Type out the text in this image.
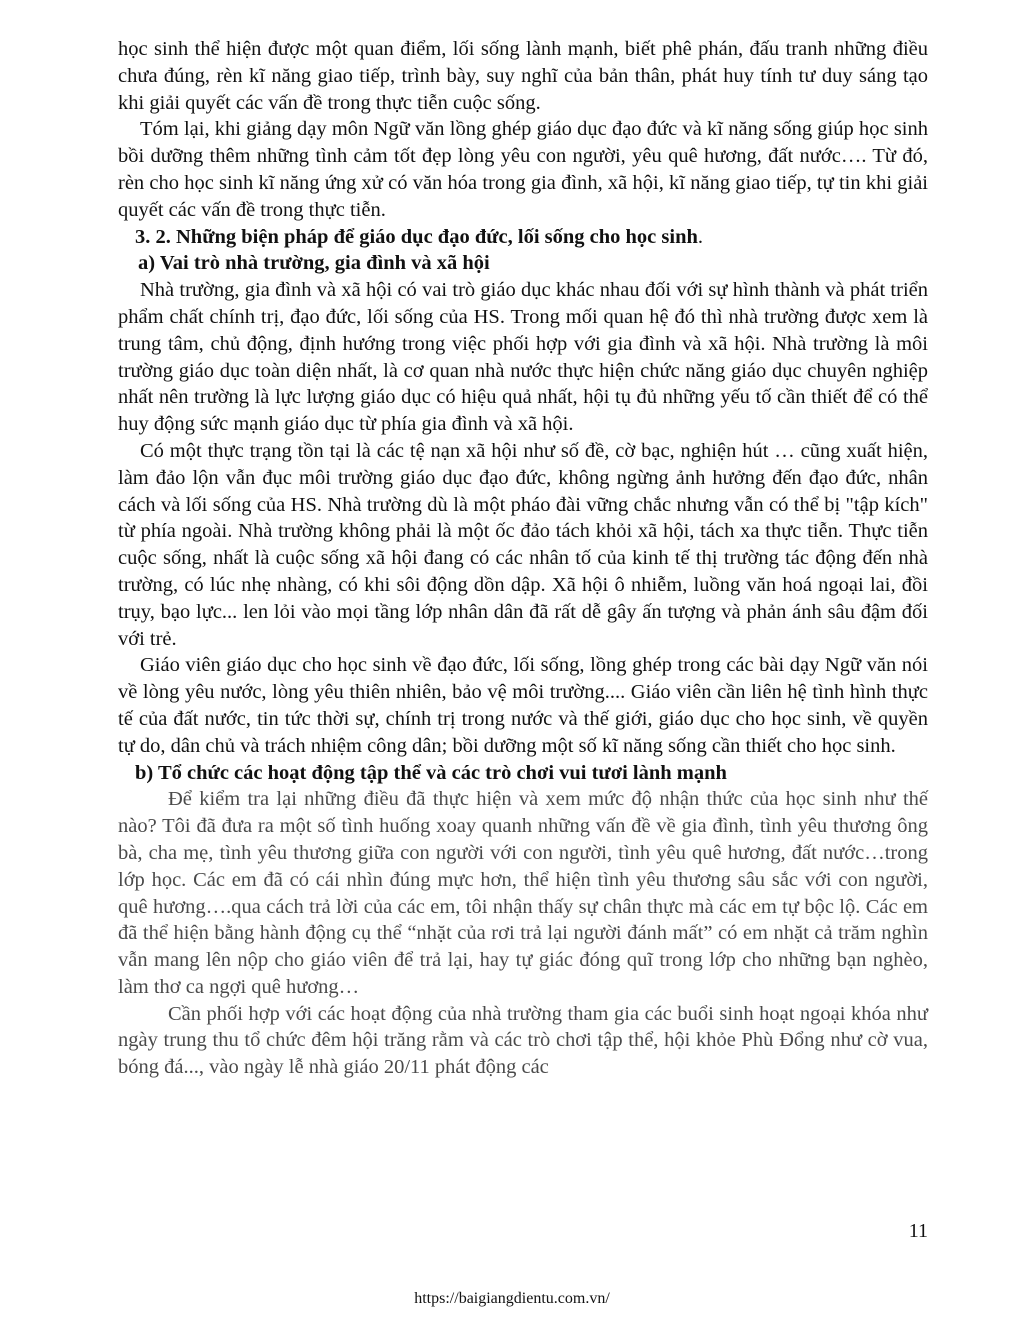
học sinh thể hiện được một quan điểm, lối sống lành mạnh, biết phê phán, đấu tranh những điều chưa đúng, rèn kĩ năng giao tiếp, trình bày, suy nghĩ của bản thân, phát huy tính tư duy sáng tạo khi giải quyết các vấn đề trong thực tiễn cuộc sống.

Tóm lại, khi giảng dạy môn Ngữ văn lồng ghép giáo dục đạo đức và kĩ năng sống giúp học sinh bồi dưỡng thêm những tình cảm tốt đẹp lòng yêu con người, yêu quê hương, đất nước…. Từ đó, rèn cho học sinh kĩ năng ứng xử có văn hóa trong gia đình, xã hội, kĩ năng giao tiếp, tự tin khi giải quyết các vấn đề trong thực tiễn.

3. 2. Những biện pháp để giáo dục đạo đức, lối sống cho học sinh.

a) Vai trò nhà trường, gia đình và xã hội

Nhà trường, gia đình và xã hội có vai trò giáo dục khác nhau đối với sự hình thành và phát triển phẩm chất chính trị, đạo đức, lối sống của HS. Trong mối quan hệ đó thì nhà trường được xem là trung tâm, chủ động, định hướng trong việc phối hợp với gia đình và xã hội. Nhà trường là môi trường giáo dục toàn diện nhất, là cơ quan nhà nước thực hiện chức năng giáo dục chuyên nghiệp nhất nên trường là lực lượng giáo dục có hiệu quả nhất, hội tụ đủ những yếu tố cần thiết để có thể huy động sức mạnh giáo dục từ phía gia đình và xã hội.

Có một thực trạng tồn tại là các tệ nạn xã hội như số đề, cờ bạc, nghiện hút … cũng xuất hiện, làm đảo lộn vẫn đục môi trường giáo dục đạo đức, không ngừng ảnh hưởng đến đạo đức, nhân cách và lối sống của HS. Nhà trường dù là một pháo đài vững chắc nhưng vẫn có thể bị "tập kích" từ phía ngoài. Nhà trường không phải là một ốc đảo tách khỏi xã hội, tách xa thực tiễn. Thực tiễn cuộc sống, nhất là cuộc sống xã hội đang có các nhân tố của kinh tế thị trường tác động đến nhà trường, có lúc nhẹ nhàng, có khi sôi động dồn dập. Xã hội ô nhiễm, luồng văn hoá ngoại lai, đồi trụy, bạo lực... len lỏi vào mọi tầng lớp nhân dân đã rất dễ gây ấn tượng và phản ánh sâu đậm đối với trẻ.

Giáo viên giáo dục cho học sinh về đạo đức, lối sống, lồng ghép trong các bài dạy Ngữ văn nói về lòng yêu nước, lòng yêu thiên nhiên, bảo vệ môi trường.... Giáo viên cần liên hệ tình hình thực tế của đất nước, tin tức thời sự, chính trị trong nước và thế giới, giáo dục cho học sinh, về quyền tự do, dân chủ và trách nhiệm công dân; bồi dưỡng một số kĩ năng sống cần thiết cho học sinh.

b) Tổ chức các hoạt động tập thể và các trò chơi vui tươi lành mạnh

Để kiểm tra lại những điều đã thực hiện và xem mức độ nhận thức của học sinh như thế nào? Tôi đã đưa ra một số tình huống xoay quanh những vấn đề về gia đình, tình yêu thương ông bà, cha mẹ, tình yêu thương giữa con người với con người, tình yêu quê hương, đất nước…trong lớp học. Các em đã có cái nhìn đúng mực hơn, thể hiện tình yêu thương sâu sắc với con người, quê hương….qua cách trả lời của các em, tôi nhận thấy sự chân thực mà các em tự bộc lộ. Các em đã thể hiện bằng hành động cụ thể “nhặt của rơi trả lại người đánh mất” có em nhặt cả trăm nghìn vẫn mang lên nộp cho giáo viên để trả lại, hay tự giác đóng quĩ trong lớp cho những bạn nghèo, làm thơ ca ngợi quê hương…

Cần phối hợp với các hoạt động của nhà trường tham gia các buổi sinh hoạt ngoại khóa như ngày trung thu tổ chức đêm hội trăng rằm và các trò chơi tập thể, hội khỏe Phù Đổng như cờ vua, bóng đá..., vào ngày lễ nhà giáo 20/11 phát động các

11
https://baigiangdientu.com.vn/
